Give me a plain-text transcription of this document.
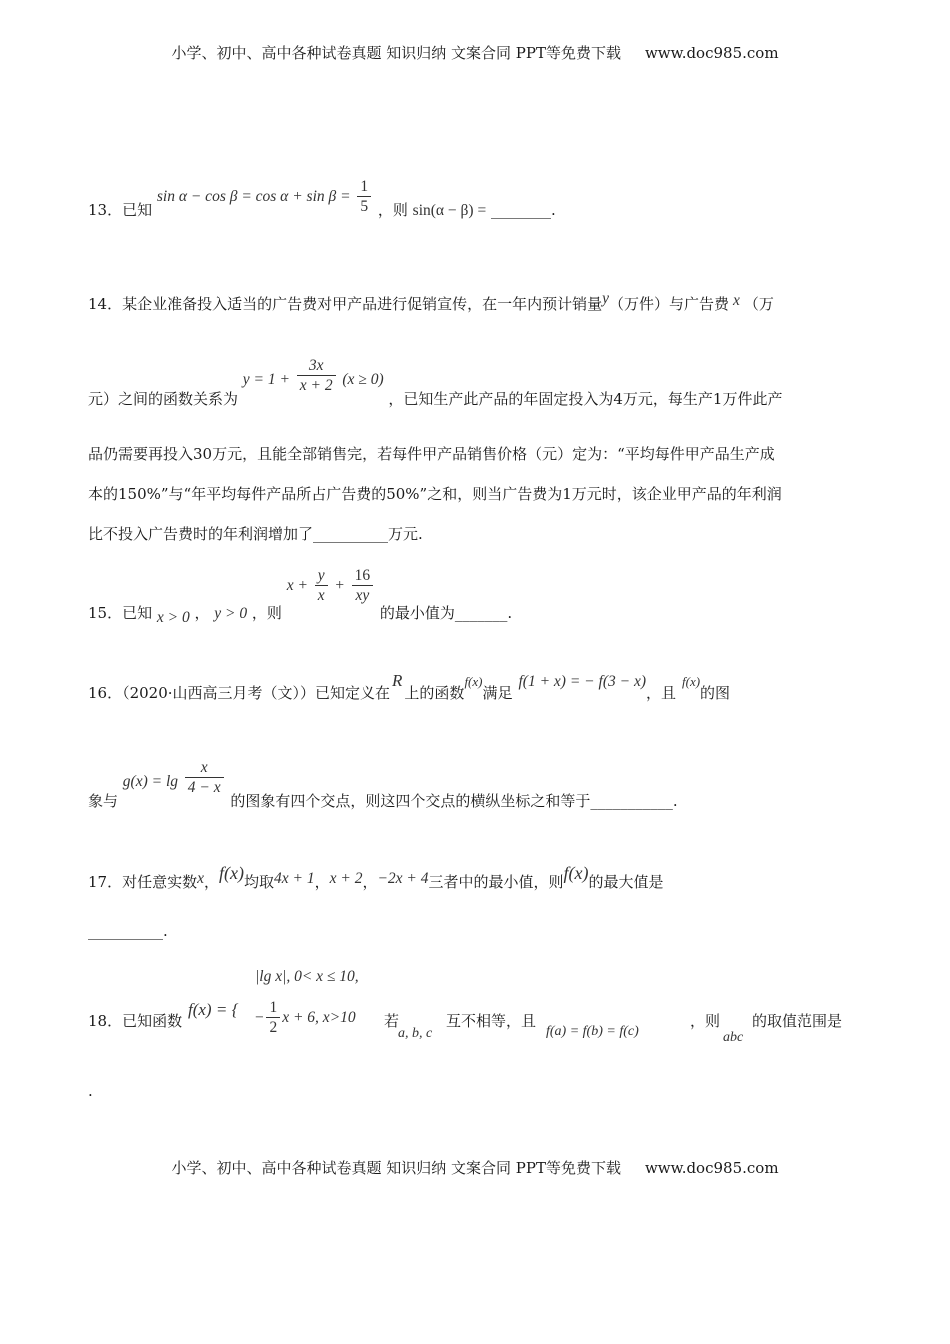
小学、初中、高中各种试卷真题 知识归纳 文案合同 PPT等免费下载 www.doc985.com
13．已知 $\sin \alpha - \cos \beta = \cos \alpha + \sin \beta = \frac{1}{5}$ ，则 sin(α − β) = ________.
14．某企业准备投入适当的广告费对甲产品进行促销宣传，在一年内预计销量y（万件）与广告费 x （万
元）之间的函数关系为 $y = 1 + \frac{3x}{x + 2} (x \ge 0)$ ，已知生产此产品的年固定投入为4万元，每生产1万件此产
品仍需要再投入30万元，且能全部销售完，若每件甲产品销售价格（元）定为：“平均每件甲产品生产成
本的150%”与“年平均每件产品所占广告费的50%”之和，则当广告费为1万元时，该企业甲产品的年利润
比不投入广告费时的年利润增加了__________万元.
15．已知 x > 0 ， y > 0 ，则 $x + \frac{y}{x} + \frac{16}{xy}$
的最小值为_______.
16．（2020·山西高三月考（文））已知定义在R上的函数f(x)满足f(1 + x) = − f(3 − x)，且f(x)的图
象与 $g(x) = \lg \frac{x}{4 - x}$
的图象有四个交点，则这四个交点的横纵坐标之和等于___________.
17．对任意实数x，f(x)均取4x + 1，x + 2，−2x + 4三者中的最小值，则f(x)的最大值是
__________.
18．已知函数
f(x) = {
|lg x|, 0< x ≤ 10,
− $\frac{1}{2}$ x + 6, x>10 若
a, b, c
互不相等，且
f(a) = f(b) = f(c)
，则
abc
的取值范围是
.
小学、初中、高中各种试卷真题 知识归纳 文案合同 PPT等免费下载 www.doc985.com
